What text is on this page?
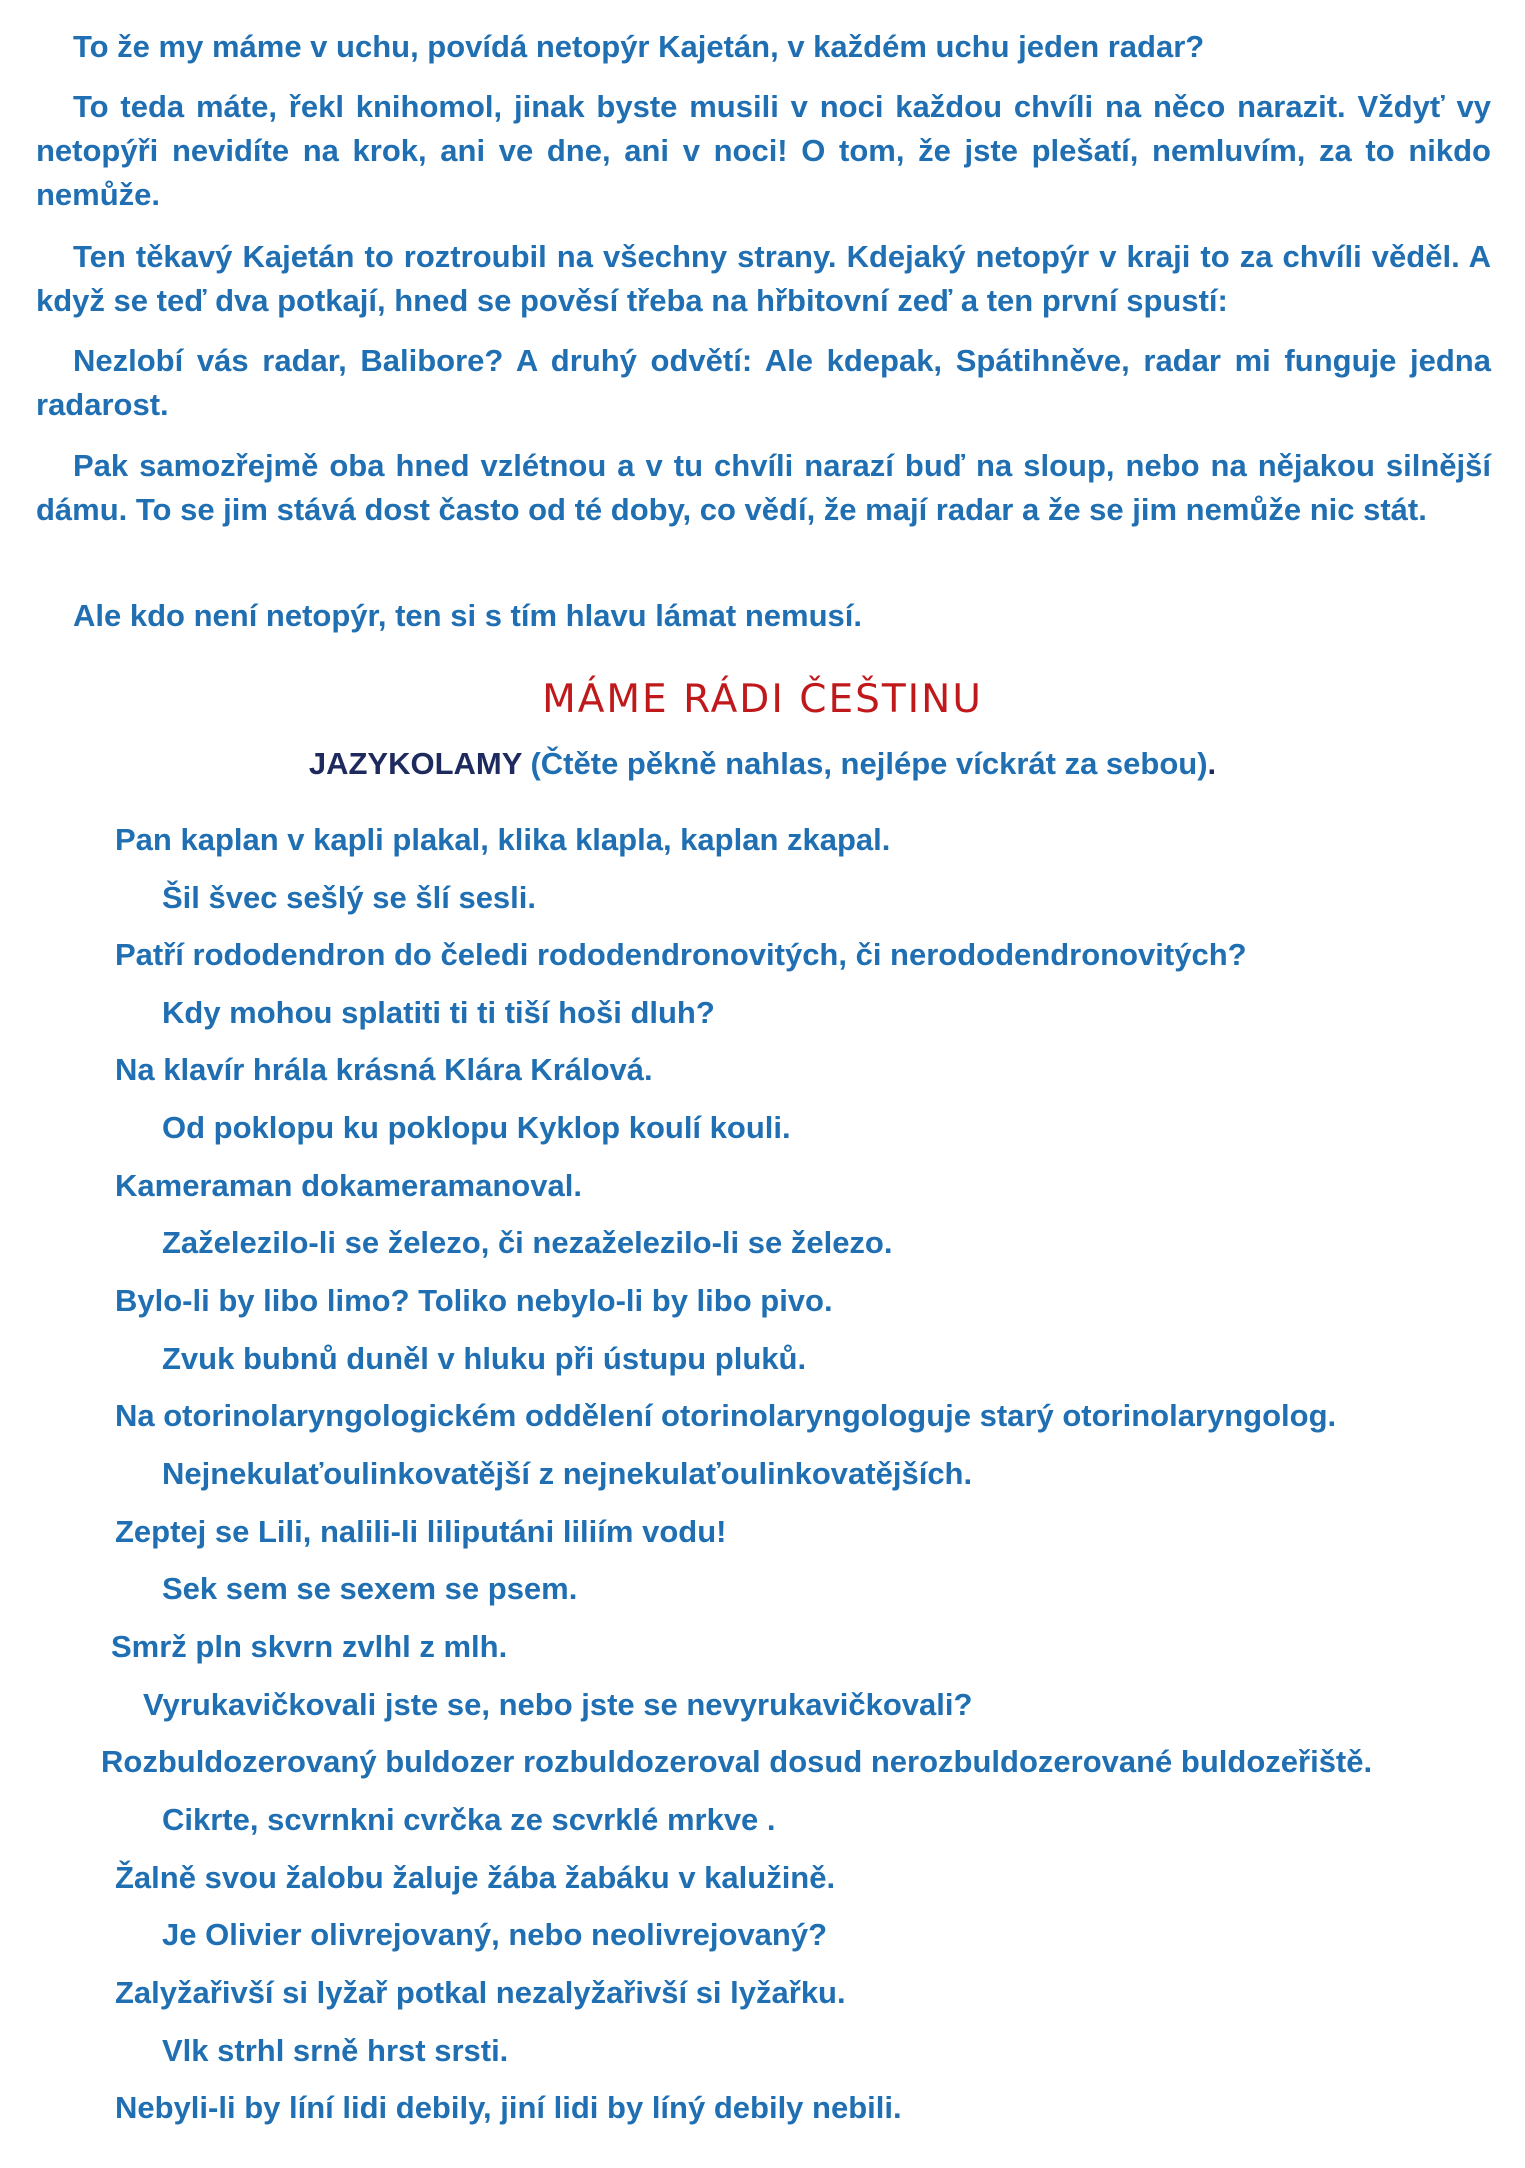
To že my máme v uchu, povídá netopýr Kajetán, v každém uchu jeden radar?

To teda máte, řekl knihomol, jinak byste musili v noci každou chvíli na něco narazit. Vždyť vy netopýři nevidíte na krok, ani ve dne, ani v noci! O tom, že jste plešatí, nemluvím, za to nikdo nemůže.

Ten těkavý Kajetán to roztroubil na všechny strany. Kdejaký netopýr v kraji to za chvíli věděl. A když se teď dva potkají, hned se pověsí třeba na hřbitovní zeď a ten první spustí:

Nezlobí vás radar, Balibore? A druhý odvětí: Ale kdepak, Spátihněve, radar mi funguje jedna radarost.

Pak samozřejmě oba hned vzlétnou a v tu chvíli narazí buď na sloup, nebo na nějakou silnější dámu. To se jim stává dost často od té doby, co vědí, že mají radar a že se jim nemůže nic stát.

Ale kdo není netopýr, ten si s tím hlavu lámat nemusí.

MÁME RÁDI ČEŠTINU
JAZYKOLAMY (Čtěte pěkně nahlas, nejlépe víckrát za sebou).

Pan kaplan v kapli plakal, klika klapla, kaplan zkapal.

Šil švec sešlý se šlí sesli.

Patří rododendron do čeledi rododendronovitých, či nerododendronovitých?

Kdy mohou splatiti ti ti tiší hoši dluh?

Na klavír hrála krásná Klára Králová.

Od poklopu ku poklopu Kyklop koulí kouli.

Kameraman dokameramanoval.

Zaželezilo-li se železo, či nezaželezilo-li se železo.

Bylo-li by libo limo? Toliko nebylo-li by libo pivo.

Zvuk bubnů duněl v hluku při ústupu pluků.

Na otorinolaryngologickém oddělení otorinolaryngologuje starý otorinolaryngolog.

Nejnekulaťoulinkovatější z nejnekulaťoulinkovatějších.

Zeptej se Lili, nalili-li liliputáni liliím vodu!

Sek sem se sexem se psem.

Smrž pln skvrn zvlhl z mlh.

Vyrukavičkovali jste se, nebo jste se nevyrukavičkovali?

Rozbuldozerovaný buldozer rozbuldozeroval dosud nerozbuldozerované buldozeřiště.

Cikrte, scvrnkni cvrčka ze scvrklé mrkve .

Žalně svou žalobu žaluje žába žabáku v kalužině.

Je Olivier olivrejovaný, nebo neolivrejovaný?

Zalyžařivší si lyžař potkal nezalyžařivší si lyžařku.

Vlk strhl srně hrst srsti.

Nebyli-li by líní lidi debily, jiní lidi by líný debily nebili.
